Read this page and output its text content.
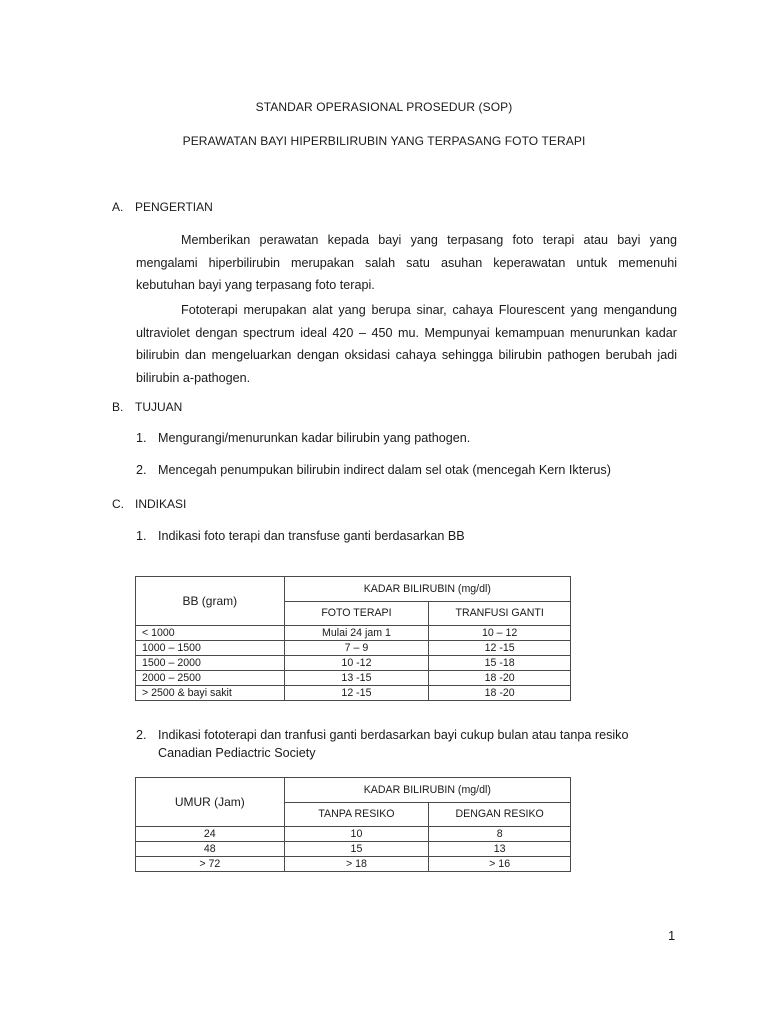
STANDAR OPERASIONAL PROSEDUR (SOP)

PERAWATAN BAYI HIPERBILIRUBIN YANG TERPASANG FOTO TERAPI

A. PENGERTIAN

Memberikan perawatan kepada bayi yang terpasang foto terapi atau bayi yang mengalami hiperbilirubin merupakan salah satu asuhan keperawatan untuk memenuhi kebutuhan bayi yang terpasang foto terapi.

Fototerapi merupakan alat yang berupa sinar, cahaya Flourescent yang mengandung ultraviolet dengan spectrum ideal 420 – 450 mu. Mempunyai kemampuan menurunkan kadar bilirubin dan mengeluarkan dengan oksidasi cahaya sehingga bilirubin pathogen berubah jadi bilirubin a-pathogen.

B. TUJUAN

1. Mengurangi/menurunkan kadar bilirubin yang pathogen.

2. Mencegah penumpukan bilirubin indirect dalam sel otak (mencegah Kern Ikterus)

C. INDIKASI

1. Indikasi foto terapi dan transfuse ganti berdasarkan BB

BB (gram)	KADAR BILIRUBIN (mg/dl)	
	FOTO TERAPI	TRANFUSI GANTI
< 1000	Mulai 24 jam 1	10 – 12
1000 – 1500	7 – 9	12 -15
1500 – 2000	10 -12	15 -18
2000 – 2500	13 -15	18 -20
> 2500 & bayi sakit	12 -15	18 -20

2. Indikasi fototerapi dan tranfusi ganti berdasarkan bayi cukup bulan atau tanpa resiko Canadian Pediactric Society

UMUR (Jam)	KADAR BILIRUBIN (mg/dl)	
	TANPA RESIKO	DENGAN RESIKO
24	10	8
48	15	13
> 72	> 18	> 16

1
